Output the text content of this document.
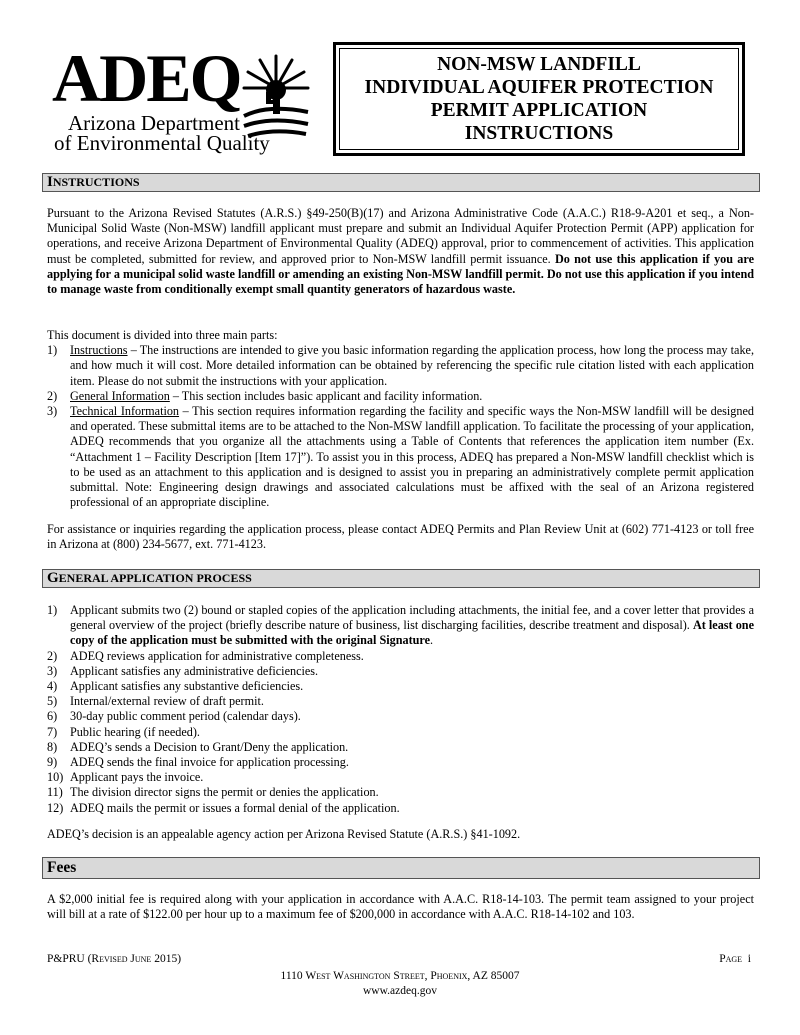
ADEQ
Arizona Department
of Environmental Quality
NON-MSW LANDFILL
INDIVIDUAL AQUIFER PROTECTION
PERMIT APPLICATION
INSTRUCTIONS
INSTRUCTIONS
Pursuant to the Arizona Revised Statutes (A.R.S.) §49-250(B)(17) and Arizona Administrative Code (A.A.C.) R18-9-A201 et seq., a Non-Municipal Solid Waste (Non-MSW) landfill applicant must prepare and submit an Individual Aquifer Protection Permit (APP) application for operations, and receive Arizona Department of Environmental Quality (ADEQ) approval, prior to commencement of activities. This application must be completed, submitted for review, and approved prior to Non-MSW landfill permit issuance. Do not use this application if you are applying for a municipal solid waste landfill or amending an existing Non-MSW landfill permit. Do not use this application if you intend to manage waste from conditionally exempt small quantity generators of hazardous waste.
This document is divided into three main parts:
1) Instructions – The instructions are intended to give you basic information regarding the application process, how long the process may take, and how much it will cost. More detailed information can be obtained by referencing the specific rule citation listed with each application item. Please do not submit the instructions with your application.
2) General Information – This section includes basic applicant and facility information.
3) Technical Information – This section requires information regarding the facility and specific ways the Non-MSW landfill will be designed and operated. These submittal items are to be attached to the Non-MSW landfill application. To facilitate the processing of your application, ADEQ recommends that you organize all the attachments using a Table of Contents that references the application item number (Ex. “Attachment 1 – Facility Description [Item 17]”). To assist you in this process, ADEQ has prepared a Non-MSW landfill checklist which is to be used as an attachment to this application and is designed to assist you in preparing an administratively complete permit application submittal. Note: Engineering design drawings and associated calculations must be affixed with the seal of an Arizona registered professional of an appropriate discipline.
For assistance or inquiries regarding the application process, please contact ADEQ Permits and Plan Review Unit at (602) 771-4123 or toll free in Arizona at (800) 234-5677, ext. 771-4123.
GENERAL APPLICATION PROCESS
1) Applicant submits two (2) bound or stapled copies of the application including attachments, the initial fee, and a cover letter that provides a general overview of the project (briefly describe nature of business, list discharging facilities, describe treatment and disposal). At least one copy of the application must be submitted with the original Signature.
2) ADEQ reviews application for administrative completeness.
3) Applicant satisfies any administrative deficiencies.
4) Applicant satisfies any substantive deficiencies.
5) Internal/external review of draft permit.
6) 30-day public comment period (calendar days).
7) Public hearing (if needed).
8) ADEQ’s sends a Decision to Grant/Deny the application.
9) ADEQ sends the final invoice for application processing.
10) Applicant pays the invoice.
11) The division director signs the permit or denies the application.
12) ADEQ mails the permit or issues a formal denial of the application.
ADEQ’s decision is an appealable agency action per Arizona Revised Statute (A.R.S.) §41-1092.
Fees
A $2,000 initial fee is required along with your application in accordance with A.A.C. R18-14-103. The permit team assigned to your project will bill at a rate of $122.00 per hour up to a maximum fee of $200,000 in accordance with A.A.C. R18-14-102 and 103.
P&PRU (Revised June 2015)	Page i
1110 West Washington Street, Phoenix, AZ 85007
www.azdeq.gov
